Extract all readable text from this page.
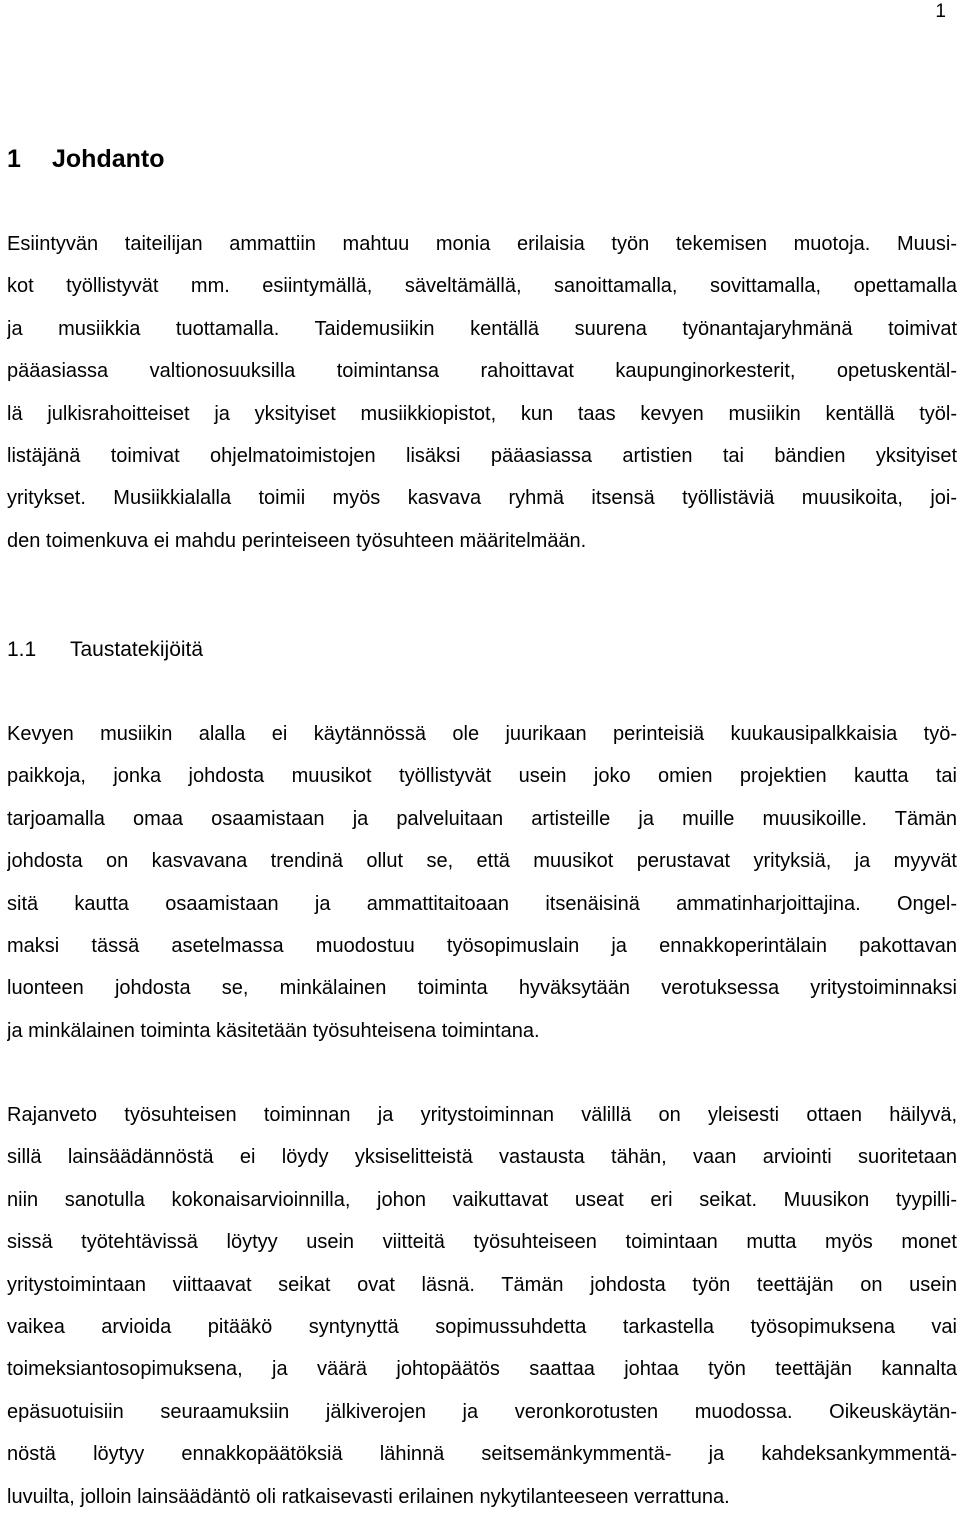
1
1 Johdanto
Esiintyvän taiteilijan ammattiin mahtuu monia erilaisia työn tekemisen muotoja. Muusi-
kot työllistyvät mm. esiintymällä, säveltämällä, sanoittamalla, sovittamalla, opettamalla
ja musiikkia tuottamalla. Taidemusiikin kentällä suurena työnantajaryhmänä toimivat
pääasiassa valtionosuuksilla toimintansa rahoittavat kaupunginorkesterit, opetuskentäl-
lä julkisrahoitteiset ja yksityiset musiikkiopistot, kun taas kevyen musiikin kentällä työl-
listäjänä toimivat ohjelmatoimistojen lisäksi pääasiassa artistien tai bändien yksityiset
yritykset. Musiikkialalla toimii myös kasvava ryhmä itsensä työllistäviä muusikoita, joi-
den toimenkuva ei mahdu perinteiseen työsuhteen määritelmään.
1.1 Taustatekijöitä
Kevyen musiikin alalla ei käytännössä ole juurikaan perinteisiä kuukausipalkkaisia työ-
paikkoja, jonka johdosta muusikot työllistyvät usein joko omien projektien kautta tai
tarjoamalla omaa osaamistaan ja palveluitaan artisteille ja muille muusikoille. Tämän
johdosta on kasvavana trendinä ollut se, että muusikot perustavat yrityksiä, ja myyvät
sitä kautta osaamistaan ja ammattitaitoaan itsenäisinä ammatinharjoittajina. Ongel-
maksi tässä asetelmassa muodostuu työsopimuslain ja ennakkoperintälain pakottavan
luonteen johdosta se, minkälainen toiminta hyväksytään verotuksessa yritystoiminnaksi
ja minkälainen toiminta käsitetään työsuhteisena toimintana.
Rajanveto työsuhteisen toiminnan ja yritystoiminnan välillä on yleisesti ottaen häilyvä,
sillä lainsäädännöstä ei löydy yksiselitteistä vastausta tähän, vaan arviointi suoritetaan
niin sanotulla kokonaisarvioinnilla, johon vaikuttavat useat eri seikat. Muusikon tyypilli-
sissä työtehtävissä löytyy usein viitteitä työsuhteiseen toimintaan mutta myös monet
yritystoimintaan viittaavat seikat ovat läsnä. Tämän johdosta työn teettäjän on usein
vaikea arvioida pitääkö syntynyttä sopimussuhdetta tarkastella työsopimuksena vai
toimeksiantosopimuksena, ja väärä johtopäätös saattaa johtaa työn teettäjän kannalta
epäsuotuisiin seuraamuksiin jälkiverojen ja veronkorotusten muodossa. Oikeuskäytän-
nöstä löytyy ennakkopäätöksiä lähinnä seitsemänkymmentä- ja kahdeksankymmentä-
luvuilta, jolloin lainsäädäntö oli ratkaisevasti erilainen nykytilanteeseen verrattuna.
